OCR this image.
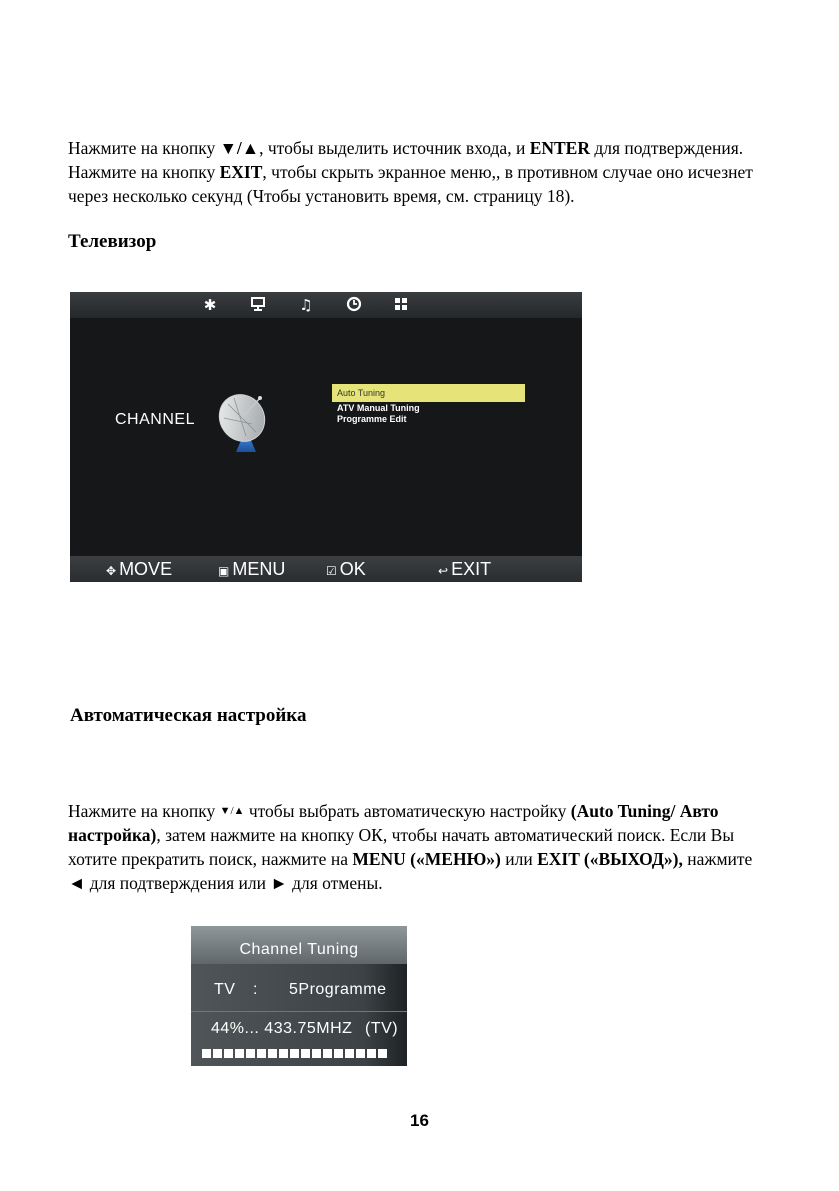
Нажмите на кнопку ▼/▲, чтобы выделить источник входа, и ENTER для подтверждения.
Нажмите на кнопку EXIT, чтобы скрыть экранное меню,, в противном случае оно исчезнет через несколько секунд (Чтобы установить время, см. страницу 18).
Телевизор
✱	♫
CHANNEL
Auto Tuning
ATV Manual Tuning
Programme Edit
✥ MOVE	▣ MENU	☑ OK	↩ EXIT
Автоматическая настройка
Нажмите на кнопку ▼/▲ чтобы выбрать автоматическую настройку (Auto Tuning/ Авто настройка), затем нажмите на кнопку ОК, чтобы начать автоматический поиск. Если Вы хотите прекратить поиск, нажмите на MENU («МЕНЮ») или EXIT («ВЫХОД»), нажмите ◄ для подтверждения или ► для отмены.
Channel Tuning
TV : 5Programme
44%... 433.75MHZ (TV)
16
